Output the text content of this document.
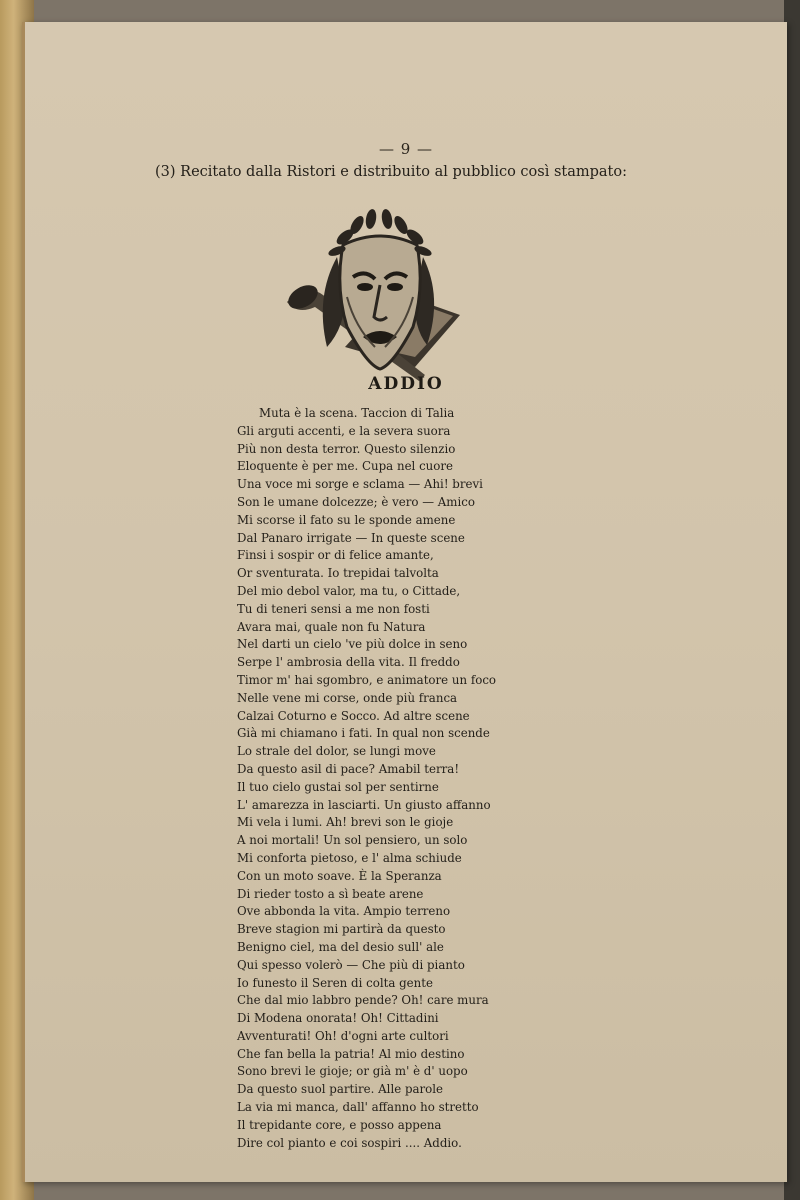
— 9 —
(3) Recitato dalla Ristori e distribuito al pubblico così stampato:
ADDIO
Muta è la scena. Taccion di Talia
Gli arguti accenti, e la severa suora
Più non desta terror. Questo silenzio
Eloquente è per me. Cupa nel cuore
Una voce mi sorge e sclama — Ahi! brevi
Son le umane dolcezze; è vero — Amico
Mi scorse il fato su le sponde amene
Dal Panaro irrigate — In queste scene
Finsi i sospir or di felice amante,
Or sventurata. Io trepidai talvolta
Del mio debol valor, ma tu, o Cittade,
Tu di teneri sensi a me non fosti
Avara mai, quale non fu Natura
Nel darti un cielo 've più dolce in seno
Serpe l' ambrosia della vita. Il freddo
Timor m' hai sgombro, e animatore un foco
Nelle vene mi corse, onde più franca
Calzai Coturno e Socco. Ad altre scene
Già mi chiamano i fati. In qual non scende
Lo strale del dolor, se lungi move
Da questo asil di pace? Amabil terra!
Il tuo cielo gustai sol per sentirne
L' amarezza in lasciarti. Un giusto affanno
Mi vela i lumi. Ah! brevi son le gioje
A noi mortali! Un sol pensiero, un solo
Mi conforta pietoso, e l' alma schiude
Con un moto soave. È la Speranza
Di rieder tosto a sì beate arene
Ove abbonda la vita. Ampio terreno
Breve stagion mi partirà da questo
Benigno ciel, ma del desio sull' ale
Qui spesso volerò — Che più di pianto
Io funesto il Seren di colta gente
Che dal mio labbro pende? Oh! care mura
Di Modena onorata! Oh! Cittadini
Avventurati! Oh! d'ogni arte cultori
Che fan bella la patria! Al mio destino
Sono brevi le gioje; or già m' è d' uopo
Da questo suol partire. Alle parole
La via mi manca, dall' affanno ho stretto
Il trepidante core, e posso appena
Dire col pianto e coi sospiri .... Addio.
